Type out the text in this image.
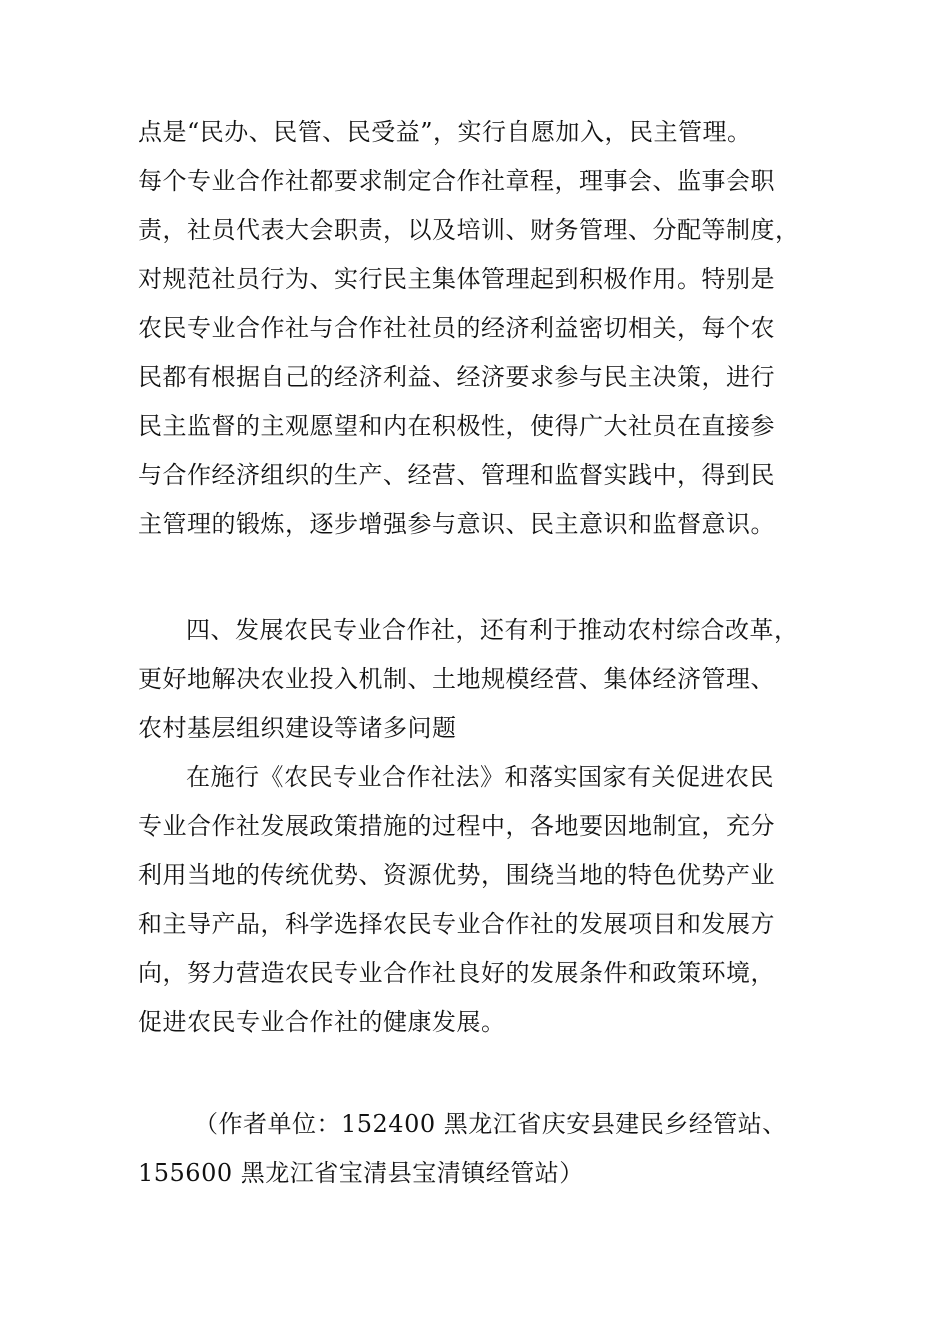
点是“民办、民管、民受益”，实行自愿加入，民主管理。
每个专业合作社都要求制定合作社章程，理事会、监事会职
责，社员代表大会职责，以及培训、财务管理、分配等制度，
对规范社员行为、实行民主集体管理起到积极作用。特别是
农民专业合作社与合作社社员的经济利益密切相关，每个农
民都有根据自己的经济利益、经济要求参与民主决策，进行
民主监督的主观愿望和内在积极性，使得广大社员在直接参
与合作经济组织的生产、经营、管理和监督实践中，得到民
主管理的锻炼，逐步增强参与意识、民主意识和监督意识。
四、发展农民专业合作社，还有利于推动农村综合改革，
更好地解决农业投入机制、土地规模经营、集体经济管理、
农村基层组织建设等诸多问题
在施行《农民专业合作社法》和落实国家有关促进农民
专业合作社发展政策措施的过程中，各地要因地制宜，充分
利用当地的传统优势、资源优势，围绕当地的特色优势产业
和主导产品，科学选择农民专业合作社的发展项目和发展方
向，努力营造农民专业合作社良好的发展条件和政策环境，
促进农民专业合作社的健康发展。
（作者单位：152400 黑龙江省庆安县建民乡经管站、
155600 黑龙江省宝清县宝清镇经管站）
